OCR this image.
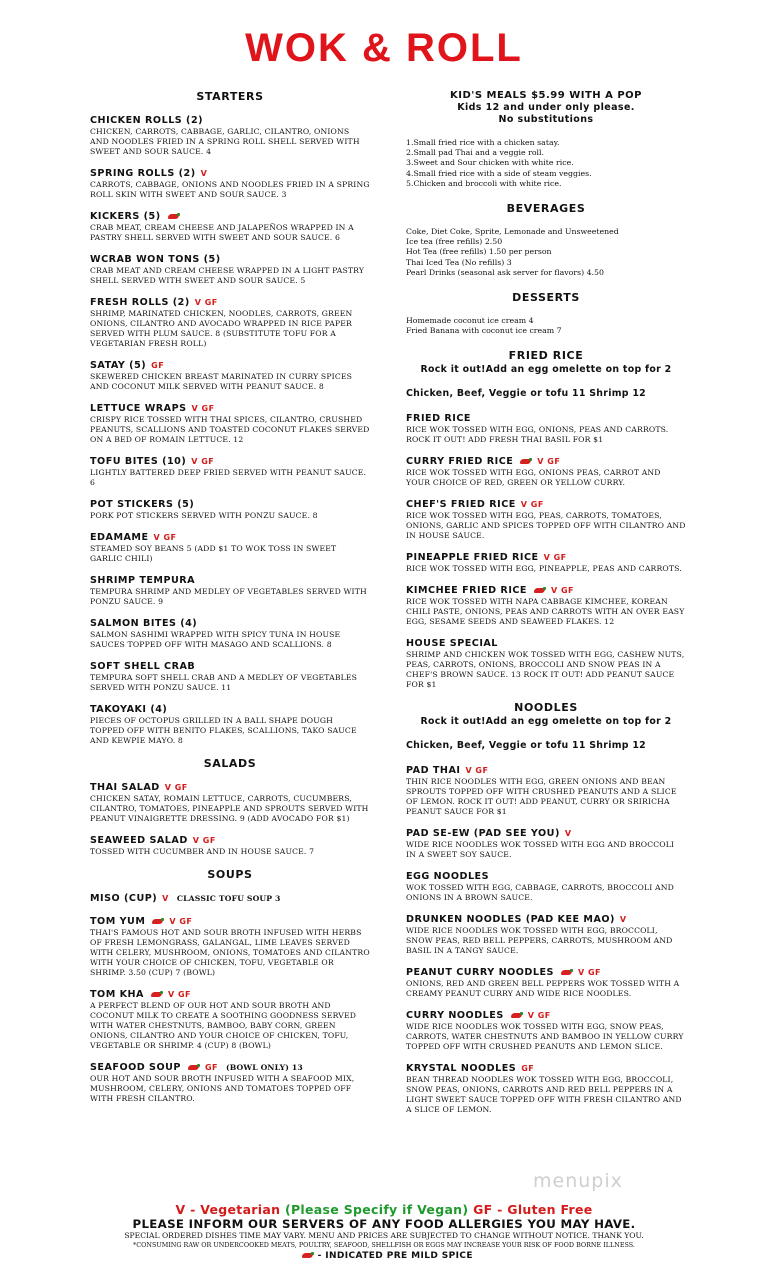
WOK & ROLL
STARTERS
CHICKEN ROLLS (2)
CHICKEN, CARROTS, CABBAGE, GARLIC, CILANTRO, ONIONS AND NOODLES FRIED IN A SPRING ROLL SHELL SERVED WITH SWEET AND SOUR SAUCE. 4
SPRING ROLLS (2) V
CARROTS, CABBAGE, ONIONS AND NOODLES FRIED IN A SPRING ROLL SKIN WITH SWEET AND SOUR SAUCE. 3
KICKERS (5)
CRAB MEAT, CREAM CHEESE AND JALAPEÑOS WRAPPED IN A PASTRY SHELL SERVED WITH SWEET AND SOUR SAUCE. 6
WCRAB WON TONS (5)
CRAB MEAT AND CREAM CHEESE WRAPPED IN A LIGHT PASTRY SHELL SERVED WITH SWEET AND SOUR SAUCE. 5
FRESH ROLLS (2) V GF
SHRIMP, MARINATED CHICKEN, NOODLES, CARROTS, GREEN ONIONS, CILANTRO AND AVOCADO WRAPPED IN RICE PAPER SERVED WITH PLUM SAUCE. 8 (SUBSTITUTE TOFU FOR A VEGETARIAN FRESH ROLL)
SATAY (5) GF
SKEWERED CHICKEN BREAST MARINATED IN CURRY SPICES AND COCONUT MILK SERVED WITH PEANUT SAUCE. 8
LETTUCE WRAPS V GF
CRISPY RICE TOSSED WITH THAI SPICES, CILANTRO, CRUSHED PEANUTS, SCALLIONS AND TOASTED COCONUT FLAKES SERVED ON A BED OF ROMAIN LETTUCE. 12
TOFU BITES (10) V GF
LIGHTLY BATTERED DEEP FRIED SERVED WITH PEANUT SAUCE. 6
POT STICKERS (5)
PORK POT STICKERS SERVED WITH PONZU SAUCE. 8
EDAMAME V GF
STEAMED SOY BEANS 5 (ADD $1 TO WOK TOSS IN SWEET GARLIC CHILI)
SHRIMP TEMPURA
TEMPURA SHRIMP AND MEDLEY OF VEGETABLES SERVED WITH PONZU SAUCE. 9
SALMON BITES (4)
SALMON SASHIMI WRAPPED WITH SPICY TUNA IN HOUSE SAUCES TOPPED OFF WITH MASAGO AND SCALLIONS. 8
SOFT SHELL CRAB
TEMPURA SOFT SHELL CRAB AND A MEDLEY OF VEGETABLES SERVED WITH PONZU SAUCE. 11
TAKOYAKI (4)
PIECES OF OCTOPUS GRILLED IN A BALL SHAPE DOUGH TOPPED OFF WITH BENITO FLAKES, SCALLIONS, TAKO SAUCE AND KEWPIE MAYO. 8
SALADS
THAI SALAD V GF
CHICKEN SATAY, ROMAIN LETTUCE, CARROTS, CUCUMBERS, CILANTRO, TOMATOES, PINEAPPLE AND SPROUTS SERVED WITH PEANUT VINAIGRETTE DRESSING. 9 (ADD AVOCADO FOR $1)
SEAWEED SALAD V GF
TOSSED WITH CUCUMBER AND IN HOUSE SAUCE. 7
SOUPS
MISO (CUP) V CLASSIC TOFU SOUP 3
TOM YUM	V GF
THAI'S FAMOUS HOT AND SOUR BROTH INFUSED WITH HERBS OF FRESH LEMONGRASS, GALANGAL, LIME LEAVES SERVED WITH CELERY, MUSHROOM, ONIONS, TOMATOES AND CILANTRO WITH YOUR CHOICE OF CHICKEN, TOFU, VEGETABLE OR SHRIMP. 3.50 (CUP) 7 (BOWL)
TOM KHA	V GF
A PERFECT BLEND OF OUR HOT AND SOUR BROTH AND COCONUT MILK TO CREATE A SOOTHING GOODNESS SERVED WITH WATER CHESTNUTS, BAMBOO, BABY CORN, GREEN ONIONS, CILANTRO AND YOUR CHOICE OF CHICKEN, TOFU, VEGETABLE OR SHRIMP. 4 (CUP) 8 (BOWL)
SEAFOOD SOUP	GF (BOWL ONLY) 13
OUR HOT AND SOUR BROTH INFUSED WITH A SEAFOOD MIX, MUSHROOM, CELERY, ONIONS AND TOMATOES TOPPED OFF WITH FRESH CILANTRO.
KID'S MEALS $5.99 WITH A POP
Kids 12 and under only please.
No substitutions
1.Small fried rice with a chicken satay.
2.Small pad Thai and a veggie roll.
3.Sweet and Sour chicken with white rice.
4.Small fried rice with a side of steam veggies.
5.Chicken and broccoli with white rice.
BEVERAGES
Coke, Diet Coke, Sprite, Lemonade and Unsweetened
Ice tea (free refills) 2.50
Hot Tea (free refills) 1.50 per person
Thai Iced Tea (No refills) 3
Pearl Drinks (seasonal ask server for flavors) 4.50
DESSERTS
Homemade coconut ice cream 4
Fried Banana with coconut ice cream 7
FRIED RICE
Rock it out!Add an egg omelette on top for 2
Chicken, Beef, Veggie or tofu 11 Shrimp 12
FRIED RICE
RICE WOK TOSSED WITH EGG, ONIONS, PEAS AND CARROTS. ROCK IT OUT! ADD FRESH THAI BASIL FOR $1
CURRY FRIED RICE	V GF
RICE WOK TOSSED WITH EGG, ONIONS PEAS, CARROT AND YOUR CHOICE OF RED, GREEN OR YELLOW CURRY.
CHEF'S FRIED RICE V GF
RICE WOK TOSSED WITH EGG, PEAS, CARROTS, TOMATOES, ONIONS, GARLIC AND SPICES TOPPED OFF WITH CILANTRO AND IN HOUSE SAUCE.
PINEAPPLE FRIED RICE V GF
RICE WOK TOSSED WITH EGG, PINEAPPLE, PEAS AND CARROTS.
KIMCHEE FRIED RICE	V GF
RICE WOK TOSSED WITH NAPA CABBAGE KIMCHEE, KOREAN CHILI PASTE, ONIONS, PEAS AND CARROTS WITH AN OVER EASY EGG, SESAME SEEDS AND SEAWEED FLAKES. 12
HOUSE SPECIAL
SHRIMP AND CHICKEN WOK TOSSED WITH EGG, CASHEW NUTS, PEAS, CARROTS, ONIONS, BROCCOLI AND SNOW PEAS IN A CHEF'S BROWN SAUCE. 13 ROCK IT OUT! ADD PEANUT SAUCE FOR $1
NOODLES
Rock it out!Add an egg omelette on top for 2
Chicken, Beef, Veggie or tofu 11 Shrimp 12
PAD THAI V GF
THIN RICE NOODLES WITH EGG, GREEN ONIONS AND BEAN SPROUTS TOPPED OFF WITH CRUSHED PEANUTS AND A SLICE OF LEMON. ROCK IT OUT! ADD PEANUT, CURRY OR SRIRICHA PEANUT SAUCE FOR $1
PAD SE-EW (PAD SEE YOU) V
WIDE RICE NOODLES WOK TOSSED WITH EGG AND BROCCOLI IN A SWEET SOY SAUCE.
EGG NOODLES
WOK TOSSED WITH EGG, CABBAGE, CARROTS, BROCCOLI AND ONIONS IN A BROWN SAUCE.
DRUNKEN NOODLES (PAD KEE MAO) V
WIDE RICE NOODLES WOK TOSSED WITH EGG, BROCCOLI, SNOW PEAS, RED BELL PEPPERS, CARROTS, MUSHROOM AND BASIL IN A TANGY SAUCE.
PEANUT CURRY NOODLES	V GF
ONIONS, RED AND GREEN BELL PEPPERS WOK TOSSED WITH A CREAMY PEANUT CURRY AND WIDE RICE NOODLES.
CURRY NOODLES	V GF
WIDE RICE NOODLES WOK TOSSED WITH EGG, SNOW PEAS, CARROTS, WATER CHESTNUTS AND BAMBOO IN YELLOW CURRY TOPPED OFF WITH CRUSHED PEANUTS AND LEMON SLICE.
KRYSTAL NOODLES GF
BEAN THREAD NOODLES WOK TOSSED WITH EGG, BROCCOLI, SNOW PEAS, ONIONS, CARROTS AND RED BELL PEPPERS IN A LIGHT SWEET SAUCE TOPPED OFF WITH FRESH CILANTRO AND A SLICE OF LEMON.
menupix
V - Vegetarian (Please Specify if Vegan) GF - Gluten Free
PLEASE INFORM OUR SERVERS OF ANY FOOD ALLERGIES YOU MAY HAVE.
SPECIAL ORDERED DISHES TIME MAY VARY. MENU AND PRICES ARE SUBJECTED TO CHANGE WITHOUT NOTICE. THANK YOU.
*CONSUMING RAW OR UNDERCOOKED MEATS, POULTRY, SEAFOOD, SHELLFISH OR EGGS MAY INCREASE YOUR RISK OF FOOD BORNE ILLNESS.
- INDICATED PRE MILD SPICE
